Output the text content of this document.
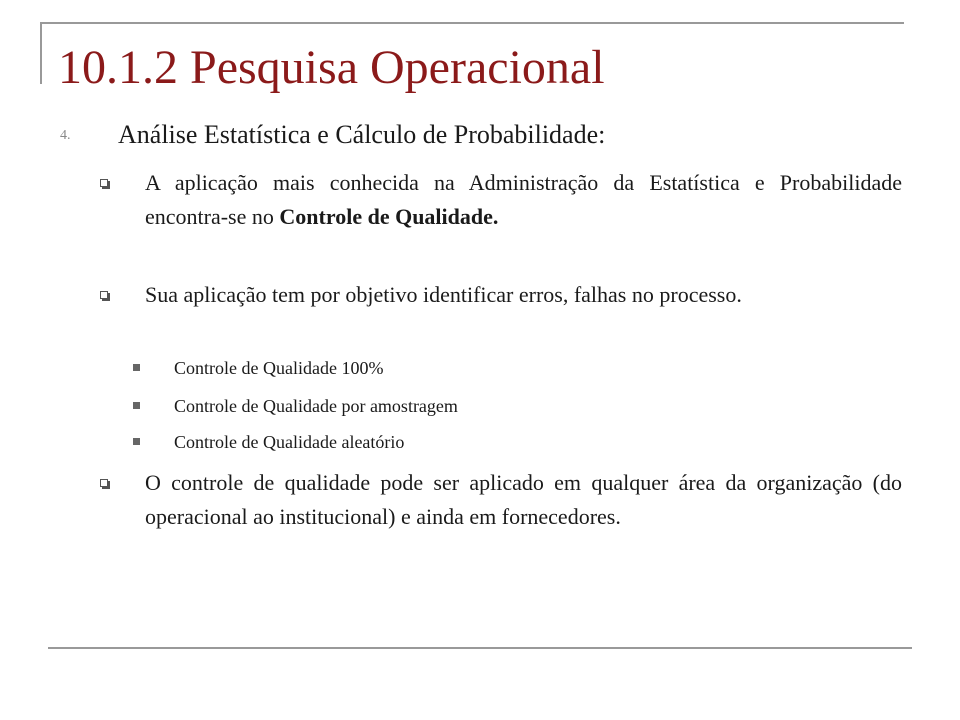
10.1.2 Pesquisa Operacional
4. Análise Estatística e Cálculo de Probabilidade:
A aplicação mais conhecida na Administração da Estatística e Probabilidade encontra-se no Controle de Qualidade.
Sua aplicação tem por objetivo identificar erros, falhas no processo.
Controle de Qualidade 100%
Controle de Qualidade por amostragem
Controle de Qualidade aleatório
O controle de qualidade pode ser aplicado em qualquer área da organização (do operacional ao institucional) e ainda em fornecedores.
